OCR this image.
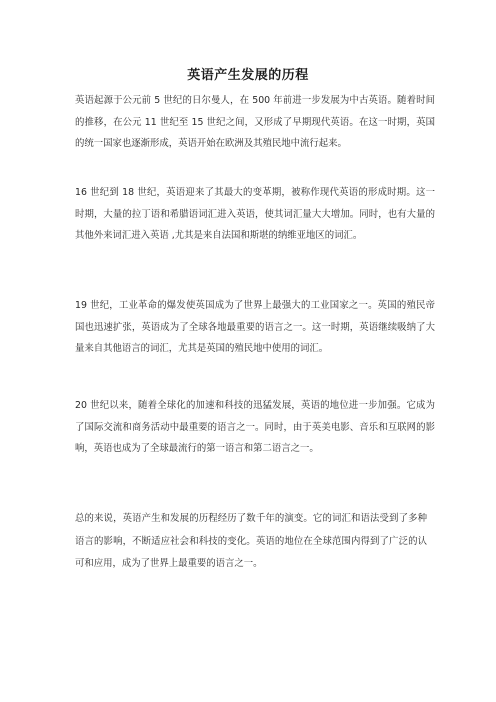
英语产生发展的历程
英语起源于公元前 5 世纪的日尔曼人，在 500 年前进一步发展为中古英语。随着时间的推移，在公元 11 世纪至 15 世纪之间，又形成了早期现代英语。在这一时期，英国的统一国家也逐渐形成，英语开始在欧洲及其殖民地中流行起来。
16 世纪到 18 世纪，英语迎来了其最大的变革期，被称作现代英语的形成时期。这一时期，大量的拉丁语和希腊语词汇进入英语，使其词汇量大大增加。同时，也有大量的其他外来词汇进入英语 ,尤其是来自法国和斯堪的纳维亚地区的词汇。
19 世纪，工业革命的爆发使英国成为了世界上最强大的工业国家之一。英国的殖民帝国也迅速扩张，英语成为了全球各地最重要的语言之一。这一时期，英语继续吸纳了大量来自其他语言的词汇，尤其是英国的殖民地中使用的词汇。
20 世纪以来，随着全球化的加速和科技的迅猛发展，英语的地位进一步加强。它成为了国际交流和商务活动中最重要的语言之一。同时，由于英美电影、音乐和互联网的影响，英语也成为了全球最流行的第一语言和第二语言之一。
总的来说，英语产生和发展的历程经历了数千年的演变。它的词汇和语法受到了多种语言的影响，不断适应社会和科技的变化。英语的地位在全球范围内得到了广泛的认可和应用，成为了世界上最重要的语言之一。
